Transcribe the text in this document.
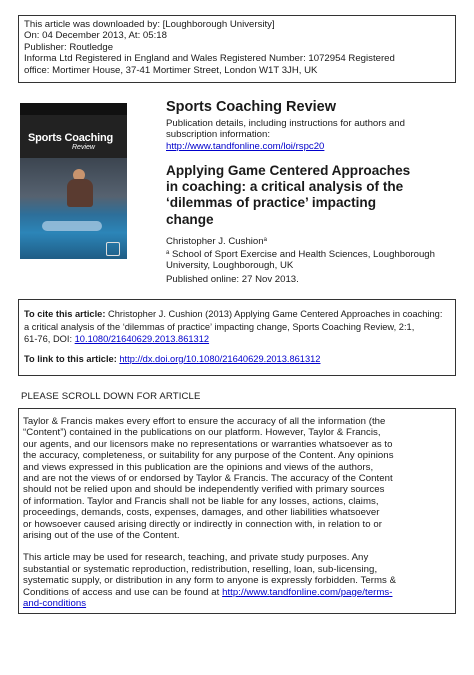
This article was downloaded by: [Loughborough University]
On: 04 December 2013, At: 05:18
Publisher: Routledge
Informa Ltd Registered in England and Wales Registered Number: 1072954 Registered
office: Mortimer House, 37-41 Mortimer Street, London W1T 3JH, UK
Sports Coaching
Review
Sports Coaching Review
Publication details, including instructions for authors and
subscription information:
http://www.tandfonline.com/loi/rspc20
Applying Game Centered Approaches
in coaching: a critical analysis of the
‘dilemmas of practice’ impacting
change
Christopher J. Cushion$^a$
$^a$ School of Sport Exercise and Health Sciences, Loughborough
University, Loughborough, UK
Published online: 27 Nov 2013.
To cite this article: Christopher J. Cushion (2013) Applying Game Centered Approaches in coaching:
a critical analysis of the ‘dilemmas of practice’ impacting change, Sports Coaching Review, 2:1,
61-76, DOI: 10.1080/21640629.2013.861312
To link to this article: http://dx.doi.org/10.1080/21640629.2013.861312
PLEASE SCROLL DOWN FOR ARTICLE
Taylor & Francis makes every effort to ensure the accuracy of all the information (the
“Content”) contained in the publications on our platform. However, Taylor & Francis,
our agents, and our licensors make no representations or warranties whatsoever as to
the accuracy, completeness, or suitability for any purpose of the Content. Any opinions
and views expressed in this publication are the opinions and views of the authors,
and are not the views of or endorsed by Taylor & Francis. The accuracy of the Content
should not be relied upon and should be independently verified with primary sources
of information. Taylor and Francis shall not be liable for any losses, actions, claims,
proceedings, demands, costs, expenses, damages, and other liabilities whatsoever
or howsoever caused arising directly or indirectly in connection with, in relation to or
arising out of the use of the Content.
This article may be used for research, teaching, and private study purposes. Any
substantial or systematic reproduction, redistribution, reselling, loan, sub-licensing,
systematic supply, or distribution in any form to anyone is expressly forbidden. Terms &
Conditions of access and use can be found at http://www.tandfonline.com/page/terms-
and-conditions
